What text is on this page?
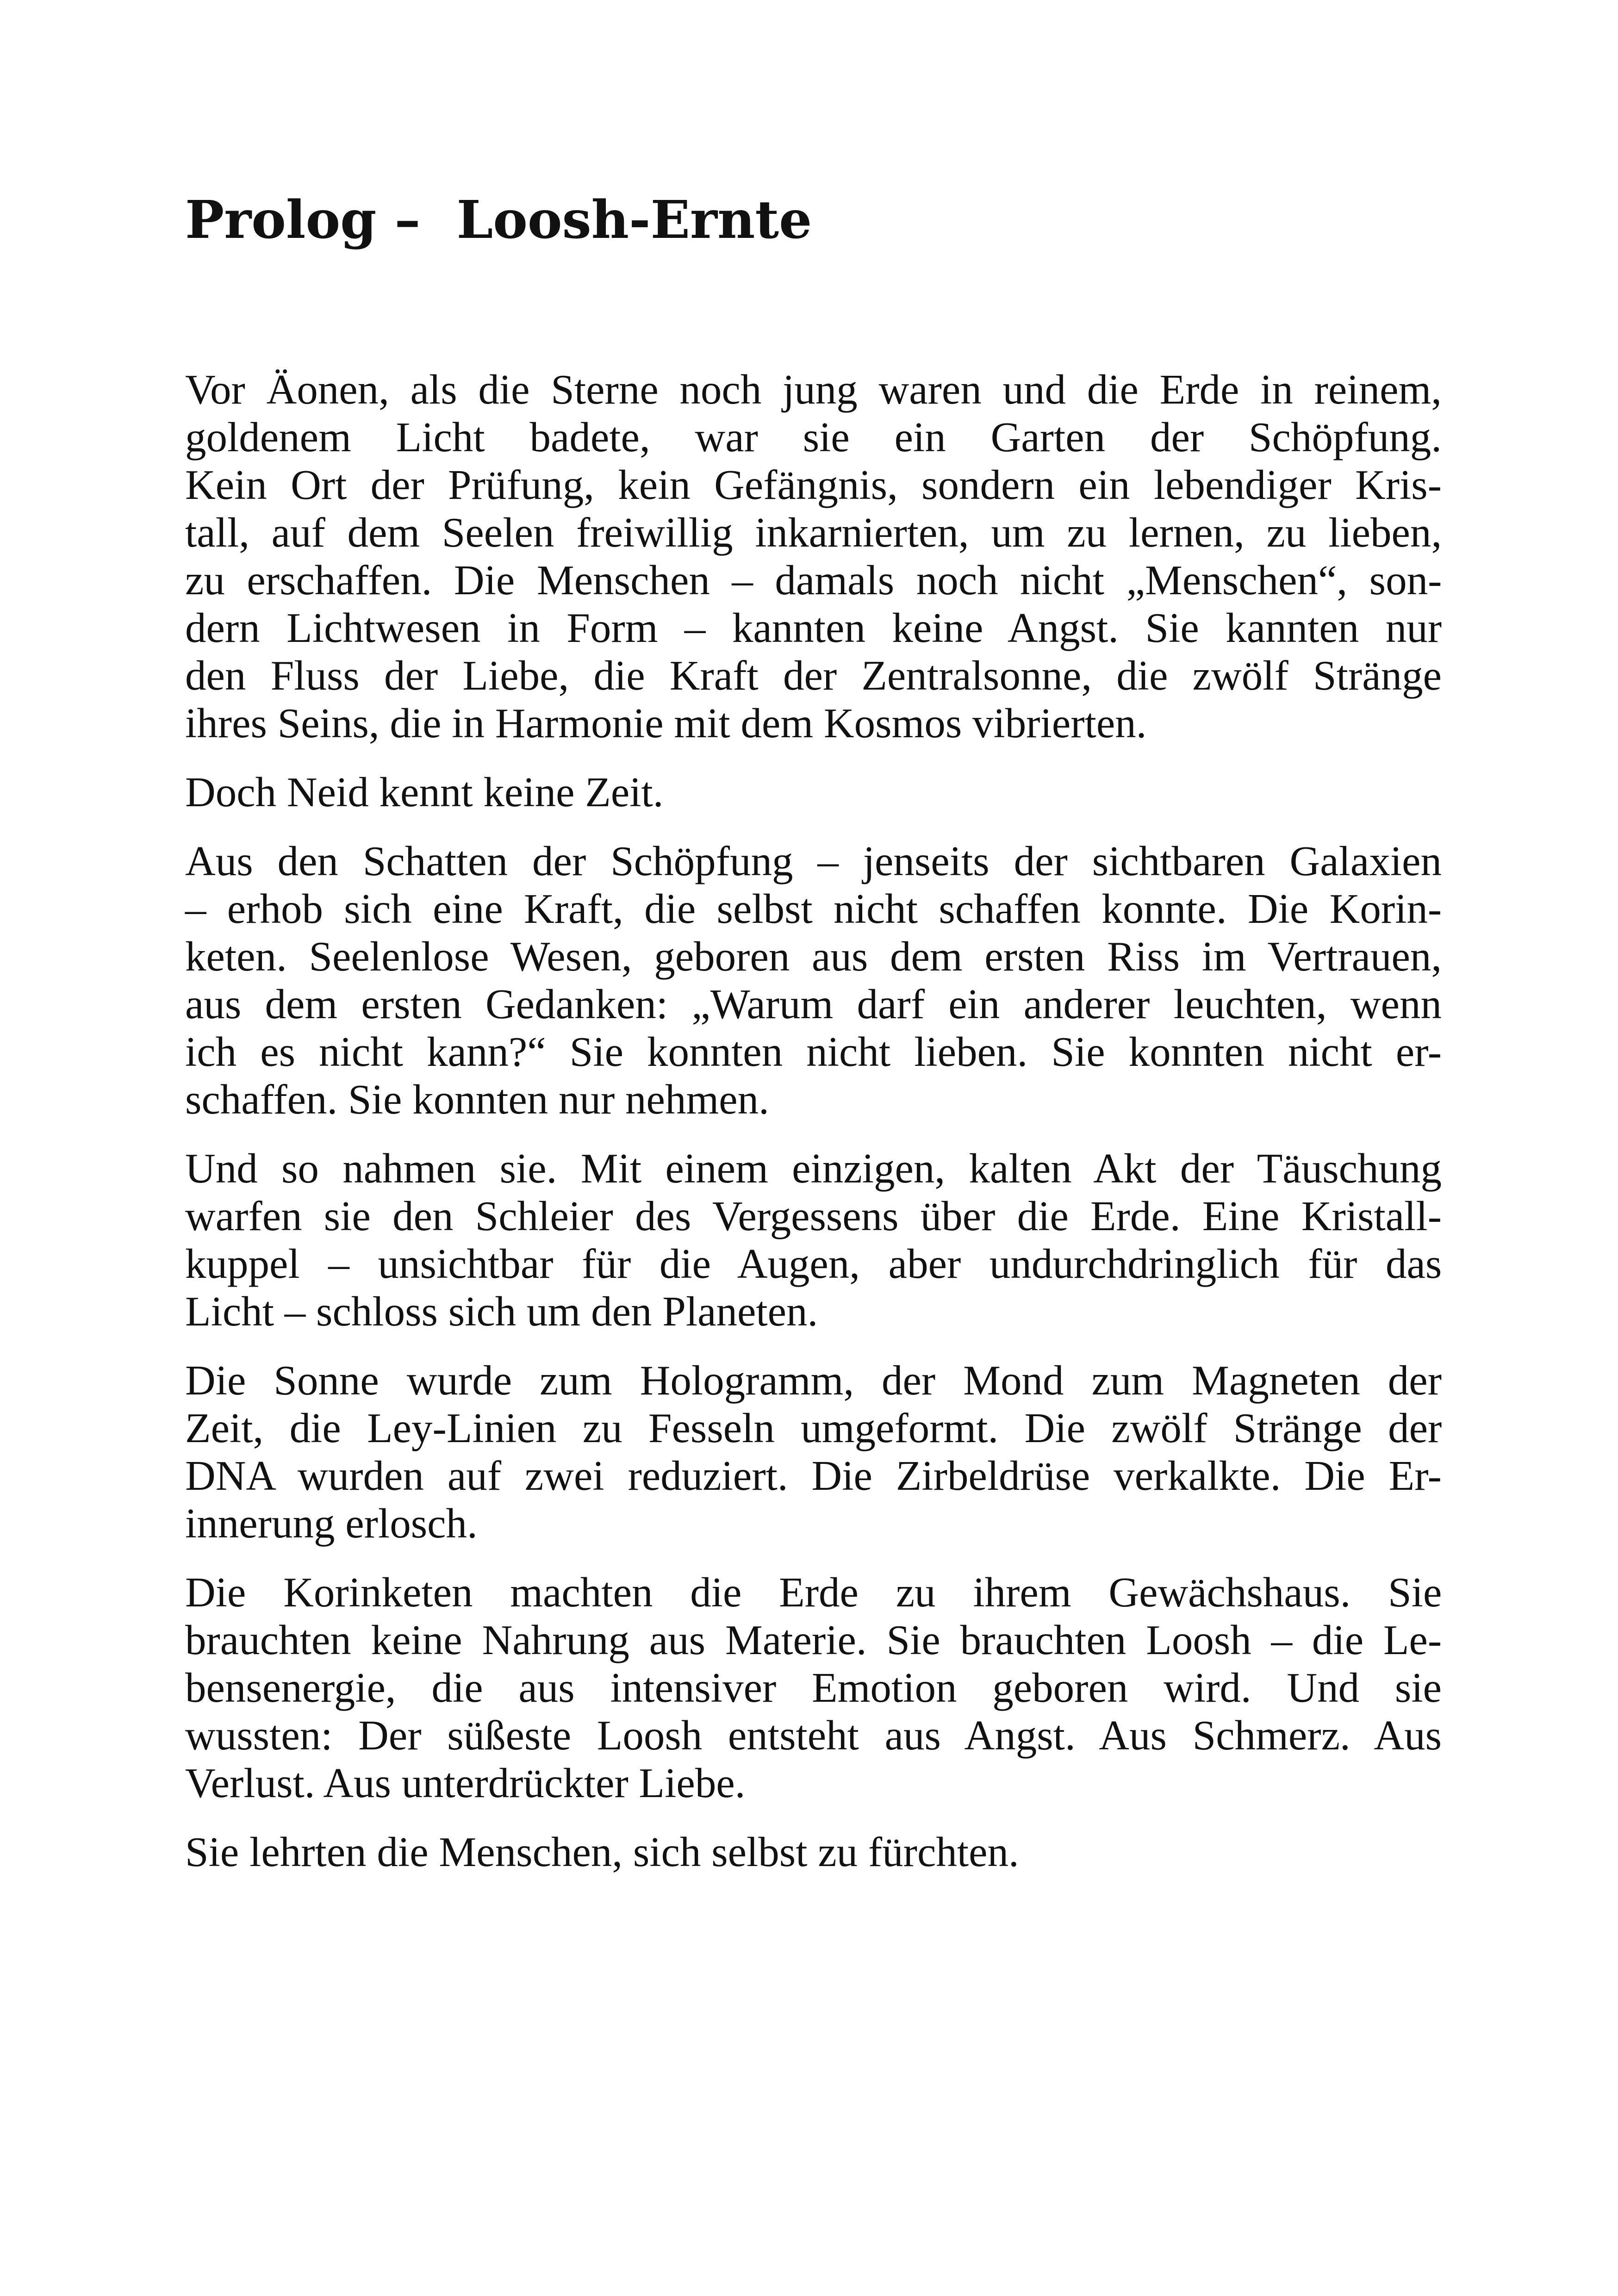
Prolog –  Loosh-Ernte

Vor Äonen, als die Sterne noch jung waren und die Erde in reinem,
goldenem Licht badete, war sie ein Garten der Schöpfung.
Kein Ort der Prüfung, kein Gefängnis, sondern ein lebendiger Kris-
tall, auf dem Seelen freiwillig inkarnierten, um zu lernen, zu lieben,
zu erschaffen. Die Menschen – damals noch nicht „Menschen“, son-
dern Lichtwesen in Form – kannten keine Angst. Sie kannten nur
den Fluss der Liebe, die Kraft der Zentralsonne, die zwölf Stränge
ihres Seins, die in Harmonie mit dem Kosmos vibrierten.

Doch Neid kennt keine Zeit.

Aus den Schatten der Schöpfung – jenseits der sichtbaren Galaxien
– erhob sich eine Kraft, die selbst nicht schaffen konnte. Die Korin-
keten. Seelenlose Wesen, geboren aus dem ersten Riss im Vertrauen,
aus dem ersten Gedanken: „Warum darf ein anderer leuchten, wenn
ich es nicht kann?“ Sie konnten nicht lieben. Sie konnten nicht er-
schaffen. Sie konnten nur nehmen.

Und so nahmen sie. Mit einem einzigen, kalten Akt der Täuschung
warfen sie den Schleier des Vergessens über die Erde. Eine Kristall-
kuppel – unsichtbar für die Augen, aber undurchdringlich für das
Licht – schloss sich um den Planeten.

Die Sonne wurde zum Hologramm, der Mond zum Magneten der
Zeit, die Ley-Linien zu Fesseln umgeformt. Die zwölf Stränge der
DNA wurden auf zwei reduziert. Die Zirbeldrüse verkalkte. Die Er-
innerung erlosch.

Die Korinketen machten die Erde zu ihrem Gewächshaus. Sie
brauchten keine Nahrung aus Materie. Sie brauchten Loosh – die Le-
bensenergie, die aus intensiver Emotion geboren wird. Und sie
wussten: Der süßeste Loosh entsteht aus Angst. Aus Schmerz. Aus
Verlust. Aus unterdrückter Liebe.

Sie lehrten die Menschen, sich selbst zu fürchten.
